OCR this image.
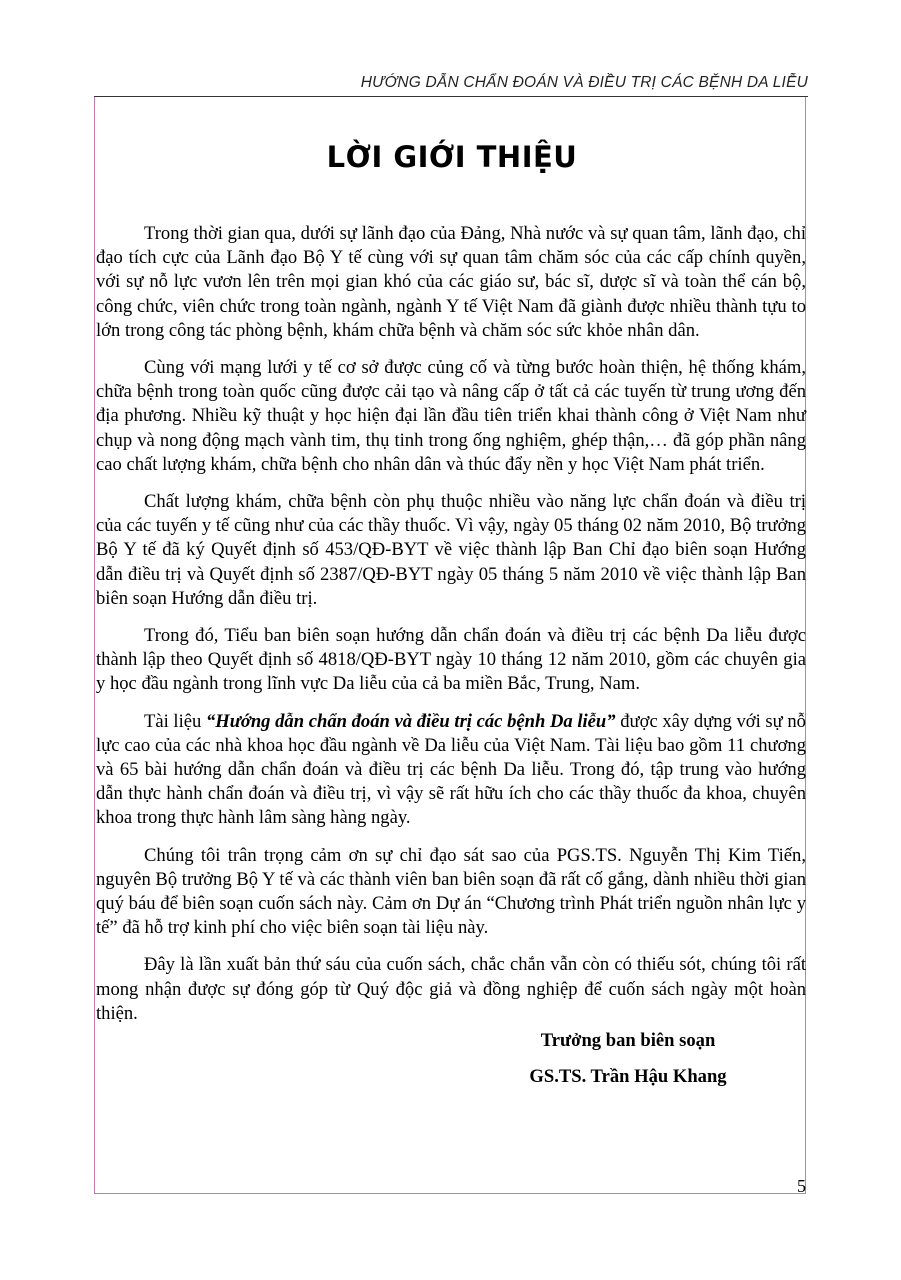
HƯỚNG DẪN CHẨN ĐOÁN VÀ ĐIỀU TRỊ CÁC BỆNH DA LIỄU
LỜI GIỚI THIỆU

Trong thời gian qua, dưới sự lãnh đạo của Đảng, Nhà nước và sự quan tâm, lãnh đạo, chỉ đạo tích cực của Lãnh đạo Bộ Y tế cùng với sự quan tâm chăm sóc của các cấp chính quyền, với sự nỗ lực vươn lên trên mọi gian khó của các giáo sư, bác sĩ, dược sĩ và toàn thể cán bộ, công chức, viên chức trong toàn ngành, ngành Y tế Việt Nam đã giành được nhiều thành tựu to lớn trong công tác phòng bệnh, khám chữa bệnh và chăm sóc sức khỏe nhân dân.

Cùng với mạng lưới y tế cơ sở được củng cố và từng bước hoàn thiện, hệ thống khám, chữa bệnh trong toàn quốc cũng được cải tạo và nâng cấp ở tất cả các tuyến từ trung ương đến địa phương. Nhiều kỹ thuật y học hiện đại lần đầu tiên triển khai thành công ở Việt Nam như chụp và nong động mạch vành tim, thụ tinh trong ống nghiệm, ghép thận,… đã góp phần nâng cao chất lượng khám, chữa bệnh cho nhân dân và thúc đẩy nền y học Việt Nam phát triển.

Chất lượng khám, chữa bệnh còn phụ thuộc nhiều vào năng lực chẩn đoán và điều trị của các tuyến y tế cũng như của các thầy thuốc. Vì vậy, ngày 05 tháng 02 năm 2010, Bộ trưởng Bộ Y tế đã ký Quyết định số 453/QĐ-BYT về việc thành lập Ban Chỉ đạo biên soạn Hướng dẫn điều trị và Quyết định số 2387/QĐ-BYT ngày 05 tháng 5 năm 2010 về việc thành lập Ban biên soạn Hướng dẫn điều trị.

Trong đó, Tiểu ban biên soạn hướng dẫn chẩn đoán và điều trị các bệnh Da liễu được thành lập theo Quyết định số 4818/QĐ-BYT ngày 10 tháng 12 năm 2010, gồm các chuyên gia y học đầu ngành trong lĩnh vực Da liễu của cả ba miền Bắc, Trung, Nam.

Tài liệu “Hướng dẫn chẩn đoán và điều trị các bệnh Da liễu” được xây dựng với sự nỗ lực cao của các nhà khoa học đầu ngành về Da liễu của Việt Nam. Tài liệu bao gồm 11 chương và 65 bài hướng dẫn chẩn đoán và điều trị các bệnh Da liễu. Trong đó, tập trung vào hướng dẫn thực hành chẩn đoán và điều trị, vì vậy sẽ rất hữu ích cho các thầy thuốc đa khoa, chuyên khoa trong thực hành lâm sàng hàng ngày.

Chúng tôi trân trọng cảm ơn sự chỉ đạo sát sao của PGS.TS. Nguyễn Thị Kim Tiến, nguyên Bộ trưởng Bộ Y tế và các thành viên ban biên soạn đã rất cố gắng, dành nhiều thời gian quý báu để biên soạn cuốn sách này. Cảm ơn Dự án “Chương trình Phát triển nguồn nhân lực y tế” đã hỗ trợ kinh phí cho việc biên soạn tài liệu này.

Đây là lần xuất bản thứ sáu của cuốn sách, chắc chắn vẫn còn có thiếu sót, chúng tôi rất mong nhận được sự đóng góp từ Quý độc giả và đồng nghiệp để cuốn sách ngày một hoàn thiện.

Trưởng ban biên soạn
GS.TS. Trần Hậu Khang
5
